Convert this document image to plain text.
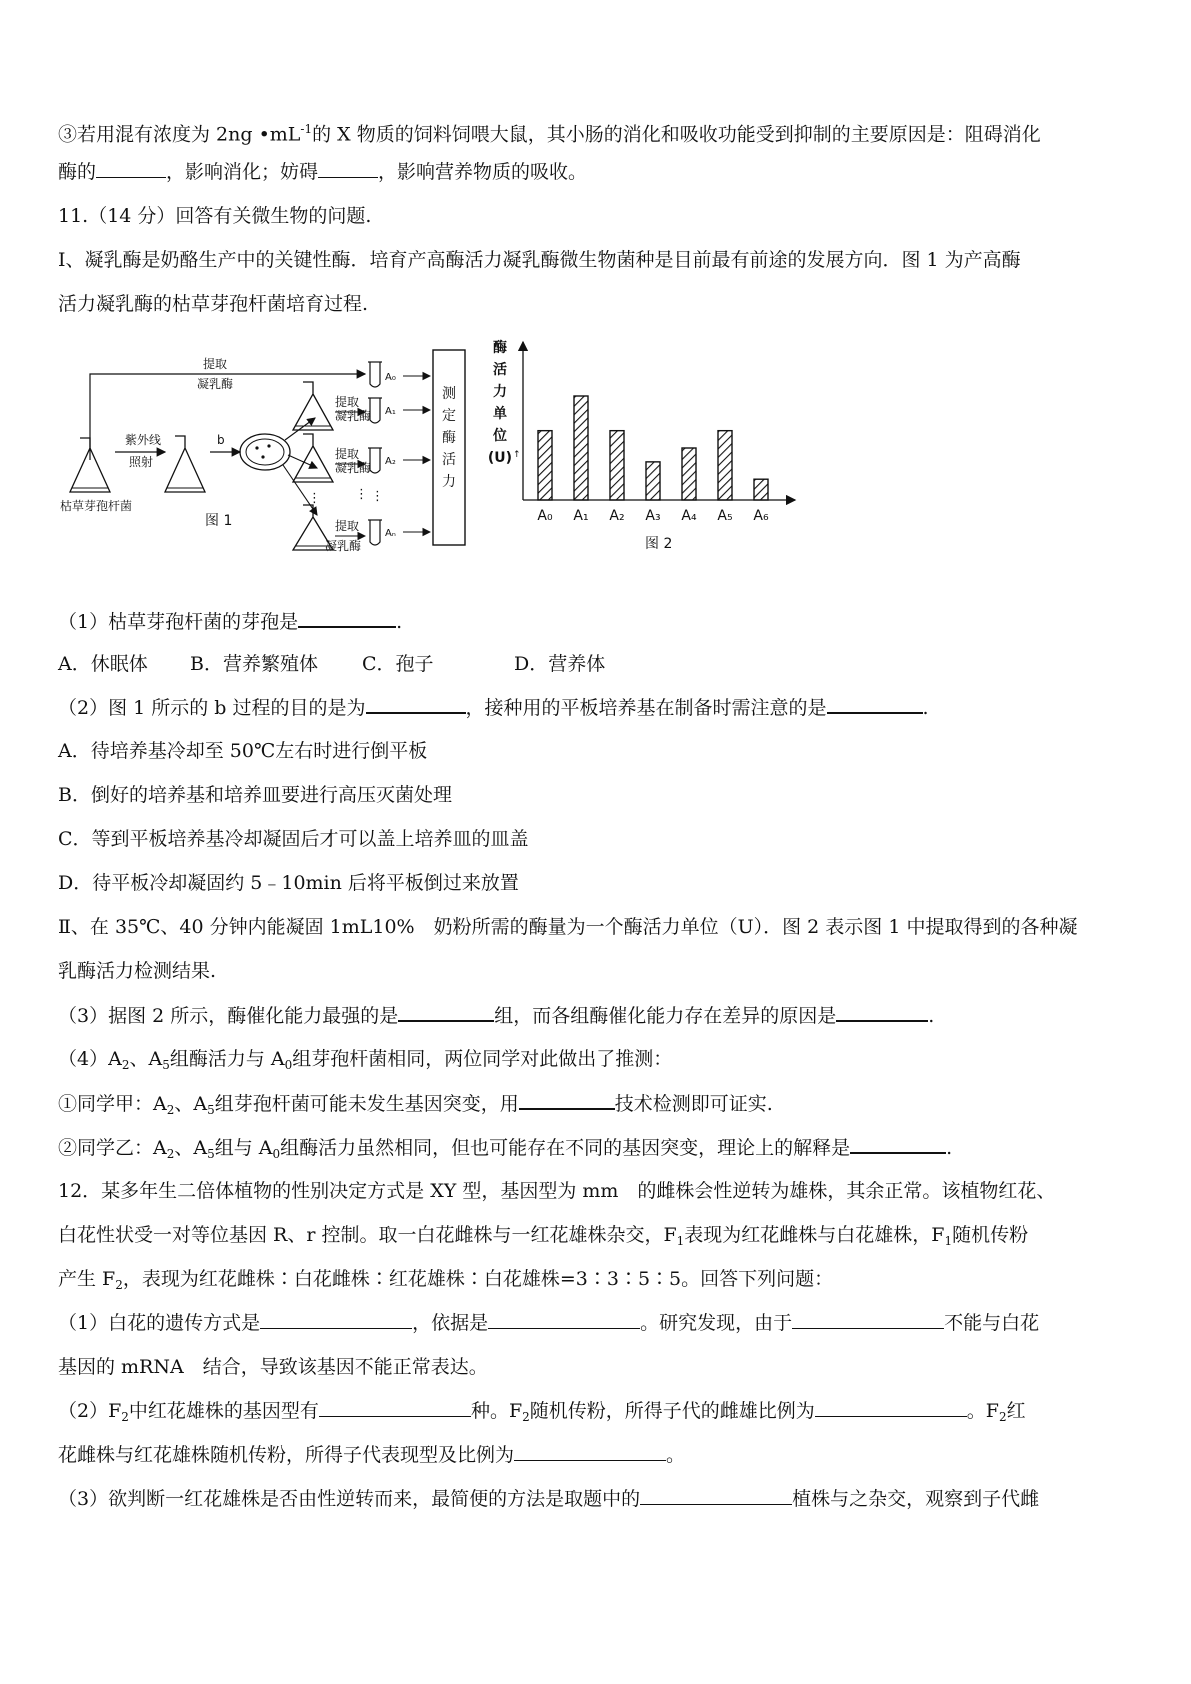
③若用混有浓度为 2ng $•mL^{-1}$的 X 物质的饲料饲喂大鼠，其小肠的消化和吸收功能受到抑制的主要原因是：阻碍消化
酶的	，影响消化；妨碍	，影响营养物质的吸收。
11.（14 分）回答有关微生物的问题.
Ⅰ、凝乳酶是奶酪生产中的关键性酶．培育产高酶活力凝乳酶微生物菌种是目前最有前途的发展方向．图 1 为产高酶
活力凝乳酶的枯草芽孢杆菌培育过程.
提取
凝乳酶
紫外线
照射
枯草芽孢杆菌
b
⋮
提取
凝乳酶
提取
凝乳酶
⋮
提取
凝乳酶
⋮
A₀
A₁
A₂
Aₙ
测定酶活力
图 1
酶
活
力
单
位
(U) ↑
A₀ A₁ A₂ A₃ A₄ A₅ A₆
图 2
（1）枯草芽孢杆菌的芽孢是	.
A．休眠体 B．营养繁殖体 C．孢子	D．营养体
（2）图 1 所示的 b 过程的目的是为	，接种用的平板培养基在制备时需注意的是	.
A．待培养基冷却至 50℃左右时进行倒平板
B．倒好的培养基和培养皿要进行高压灭菌处理
C．等到平板培养基冷却凝固后才可以盖上培养皿的皿盖
D．待平板冷却凝固约 5﹣10min 后将平板倒过来放置
Ⅱ、在 35℃、40 分钟内能凝固 1mL10%　奶粉所需的酶量为一个酶活力单位（U）．图 2 表示图 1 中提取得到的各种凝
乳酶活力检测结果.
（3）据图 2 所示，酶催化能力最强的是	组，而各组酶催化能力存在差异的原因是	.
$(4)A_2$、$A_5$组酶活力与 $A_0$组芽孢杆菌相同，两位同学对此做出了推测：
①同学甲：$A_2$、$A_5$组芽孢杆菌可能未发生基因突变，用	技术检测即可证实.
②同学乙：$A_2$、$A_5$组与 $A_0$组酶活力虽然相同，但也可能存在不同的基因突变，理论上的解释是	.
12．某多年生二倍体植物的性别决定方式是 XY 型，基因型为 mm　的雌株会性逆转为雄株，其余正常。该植物红花、
白花性状受一对等位基因 R、r 控制。取一白花雌株与一红花雄株杂交，$F_1$表现为红花雌株与白花雄株，$F_1$随机传粉
产生 $F_2$，表现为红花雌株∶白花雌株∶红花雄株∶白花雄株=3∶3∶5∶5。回答下列问题：
（1）白花的遗传方式是	，依据是	。研究发现，由于	不能与白花
基因的 mRNA　结合，导致该基因不能正常表达。
$(2)F_2$中红花雄株的基因型有	种。$F_2$随机传粉，所得子代的雌雄比例为	。$F_2$红
花雌株与红花雄株随机传粉，所得子代表现型及比例为	。
（3）欲判断一红花雄株是否由性逆转而来，最简便的方法是取题中的	植株与之杂交，观察到子代雌
